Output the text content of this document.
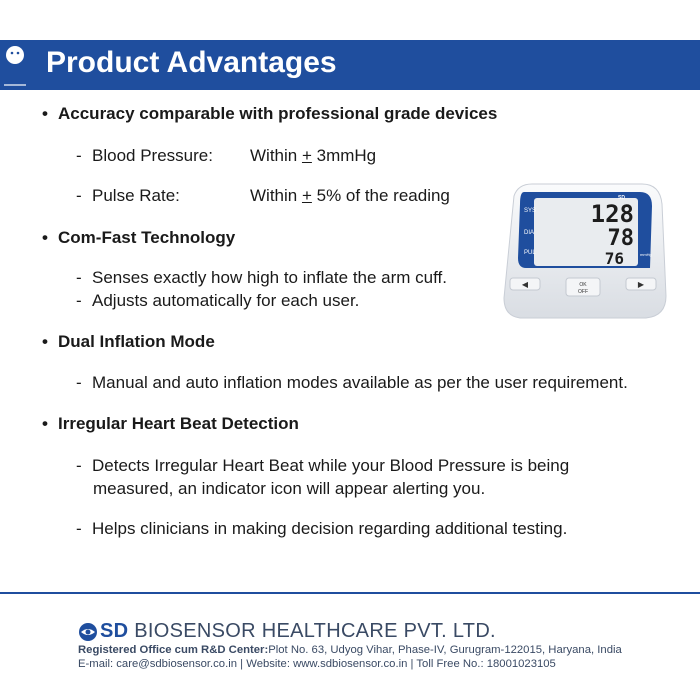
Product Advantages
• Accuracy comparable with professional grade devices
- Blood Pressure: Within + 3mmHg
- Pulse Rate:	Within + 5% of the reading
• Com-Fast Technology
- Senses exactly how high to inflate the arm cuff.
- Adjusts automatically for each user.
• Dual Inflation Mode
- Manual and auto inflation modes available as per the user requirement.
• Irregular Heart Beat Detection
- Detects Irregular Heart Beat while your Blood Pressure is being
measured, an indicator icon will appear alerting you.
- Helps clinicians in making decision regarding additional testing.
SD
SYS
DIA
PUL
128
78
76	mmHg
◀	OK
OFF
▶
SD BIOSENSOR HEALTHCARE PVT. LTD.
Registered Office cum R&D Center:Plot No. 63, Udyog Vihar, Phase-IV, Gurugram-122015, Haryana, India
E-mail: care@sdbiosensor.co.in | Website: www.sdbiosensor.co.in | Toll Free No.: 18001023105
